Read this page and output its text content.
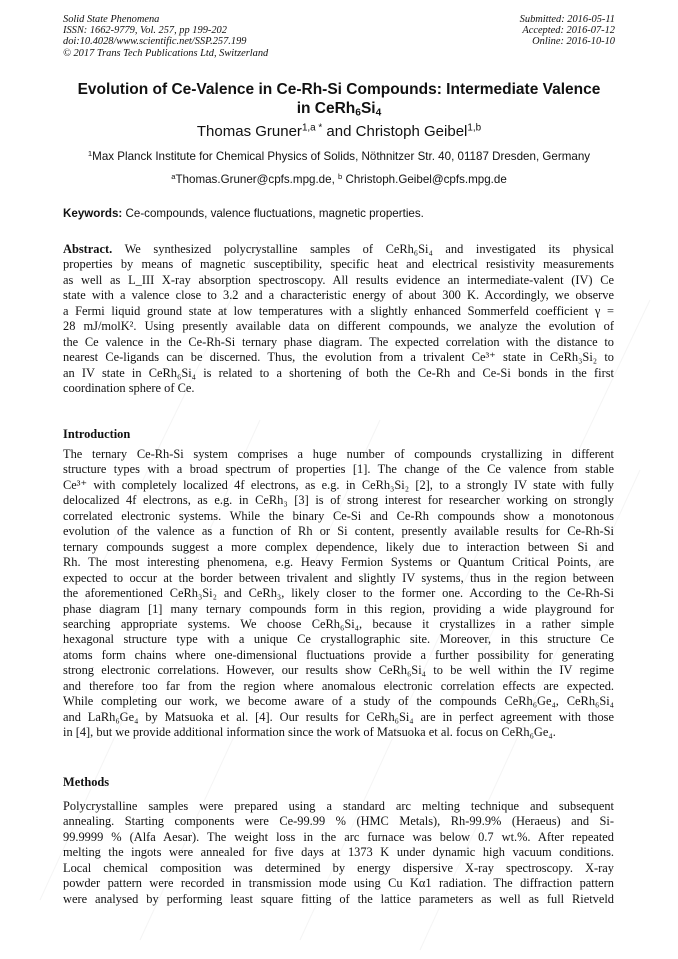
Solid State Phenomena
ISSN: 1662-9779, Vol. 257, pp 199-202
doi:10.4028/www.scientific.net/SSP.257.199
© 2017 Trans Tech Publications Ltd, Switzerland
Submitted: 2016-05-11
Accepted: 2016-07-12
Online: 2016-10-10
Evolution of Ce-Valence in Ce-Rh-Si Compounds: Intermediate Valence
in $CeRh_6Si_4$
Thomas Gruner$^{1,a *}$ and Christoph Geibel$^{1,b}$
$^1$Max Planck Institute for Chemical Physics of Solids, Nöthnitzer Str. 40, 01187 Dresden, Germany
$^a$Thomas.Gruner@cpfs.mpg.de, $^b$ Christoph.Geibel@cpfs.mpg.de
Keywords: Ce-compounds, valence fluctuations, magnetic properties.
Abstract. We synthesized polycrystalline samples of CeRh₆Si₄ and investigated its physical
properties by means of magnetic susceptibility, specific heat and electrical resistivity measurements
as well as L_III X-ray absorption spectroscopy. All results evidence an intermediate-valent (IV) Ce
state with a valence close to 3.2 and a characteristic energy of about 300 K. Accordingly, we observe
a Fermi liquid ground state at low temperatures with a slightly enhanced Sommerfeld coefficient γ =
28 mJ/molK². Using presently available data on different compounds, we analyze the evolution of
the Ce valence in the Ce-Rh-Si ternary phase diagram. The expected correlation with the distance to
nearest Ce-ligands can be discerned. Thus, the evolution from a trivalent Ce³⁺ state in CeRh₃Si₂ to
an IV state in CeRh₆Si₄ is related to a shortening of both the Ce-Rh and Ce-Si bonds in the first
coordination sphere of Ce.
Introduction
The ternary Ce-Rh-Si system comprises a huge number of compounds crystallizing in different
structure types with a broad spectrum of properties [1]. The change of the Ce valence from stable
Ce³⁺ with completely localized 4f electrons, as e.g. in CeRh₃Si₂ [2], to a strongly IV state with fully
delocalized 4f electrons, as e.g. in CeRh₃ [3] is of strong interest for researcher working on strongly
correlated electronic systems. While the binary Ce-Si and Ce-Rh compounds show a monotonous
evolution of the valence as a function of Rh or Si content, presently available results for Ce-Rh-Si
ternary compounds suggest a more complex dependence, likely due to interaction between Si and
Rh. The most interesting phenomena, e.g. Heavy Fermion Systems or Quantum Critical Points, are
expected to occur at the border between trivalent and slightly IV systems, thus in the region between
the aforementioned CeRh₃Si₂ and CeRh₃, likely closer to the former one. According to the Ce-Rh-Si
phase diagram [1] many ternary compounds form in this region, providing a wide playground for
searching appropriate systems. We choose CeRh₆Si₄, because it crystallizes in a rather simple
hexagonal structure type with a unique Ce crystallographic site. Moreover, in this structure Ce
atoms form chains where one-dimensional fluctuations provide a further possibility for generating
strong electronic correlations. However, our results show CeRh₆Si₄ to be well within the IV regime
and therefore too far from the region where anomalous electronic correlation effects are expected.
While completing our work, we become aware of a study of the compounds CeRh₆Ge₄, CeRh₆Si₄
and LaRh₆Ge₄ by Matsuoka et al. [4]. Our results for CeRh₆Si₄ are in perfect agreement with those
in [4], but we provide additional information since the work of Matsuoka et al. focus on CeRh₆Ge₄.
Methods
Polycrystalline samples were prepared using a standard arc melting technique and subsequent
annealing. Starting components were Ce-99.99 % (HMC Metals), Rh-99.9% (Heraeus) and Si-
99.9999 % (Alfa Aesar). The weight loss in the arc furnace was below 0.7 wt.%. After repeated
melting the ingots were annealed for five days at 1373 K under dynamic high vacuum conditions.
Local chemical composition was determined by energy dispersive X-ray spectroscopy. X-ray
powder pattern were recorded in transmission mode using Cu Kα1 radiation. The diffraction pattern
were analysed by performing least square fitting of the lattice parameters as well as full Rietveld
